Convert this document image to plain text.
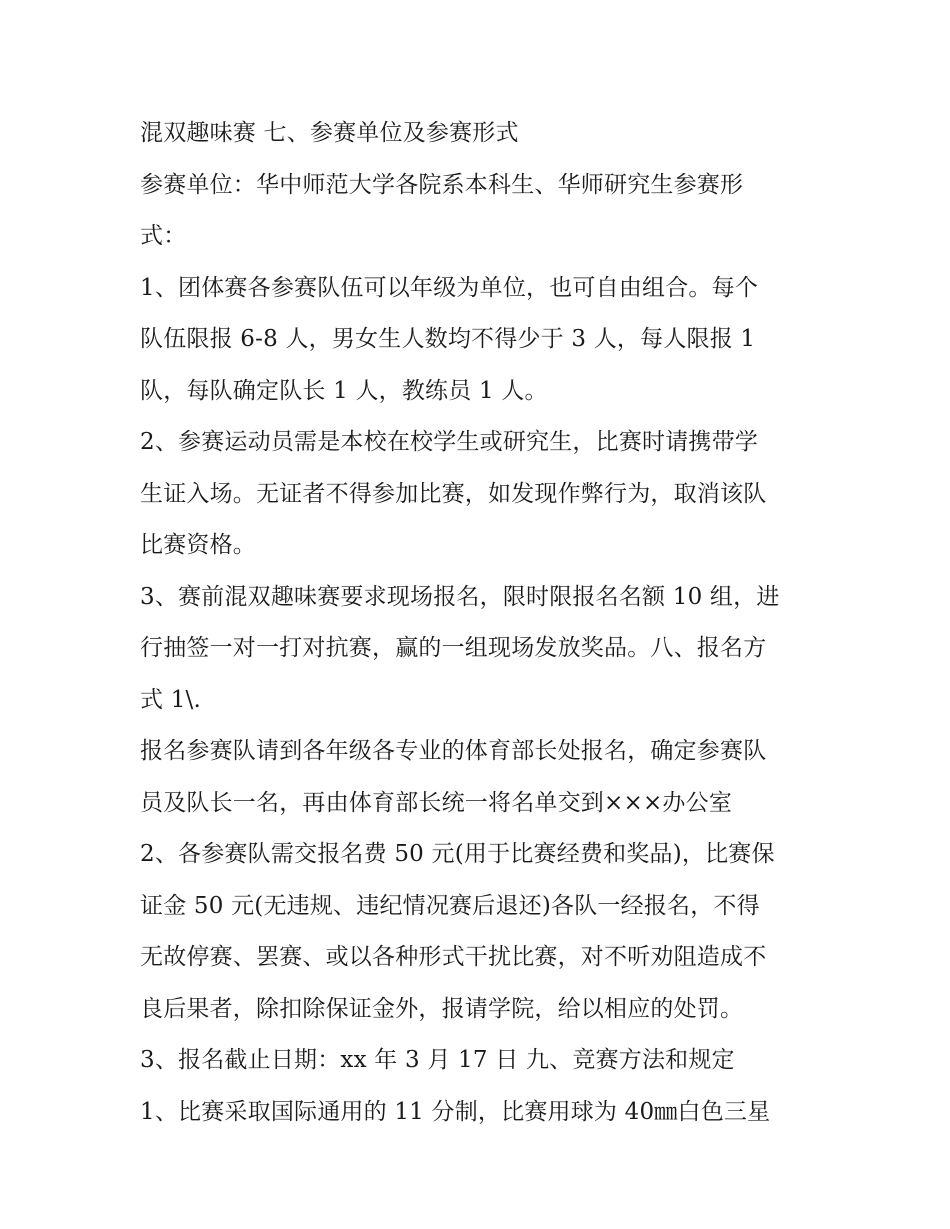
混双趣味赛 七、参赛单位及参赛形式
参赛单位：华中师范大学各院系本科生、华师研究生参赛形
式：
1、团体赛各参赛队伍可以年级为单位，也可自由组合。每个
队伍限报 6-8 人，男女生人数均不得少于 3 人，每人限报 1
队，每队确定队长 1 人，教练员 1 人。
2、参赛运动员需是本校在校学生或研究生，比赛时请携带学
生证入场。无证者不得参加比赛，如发现作弊行为，取消该队
比赛资格。
3、赛前混双趣味赛要求现场报名，限时限报名名额 10 组，进
行抽签一对一打对抗赛，赢的一组现场发放奖品。八、报名方
式 1\.
报名参赛队请到各年级各专业的体育部长处报名，确定参赛队
员及队长一名，再由体育部长统一将名单交到×××办公室
2、各参赛队需交报名费 50 元(用于比赛经费和奖品)，比赛保
证金 50 元(无违规、违纪情况赛后退还)各队一经报名，不得
无故停赛、罢赛、或以各种形式干扰比赛，对不听劝阻造成不
良后果者，除扣除保证金外，报请学院，给以相应的处罚。
3、报名截止日期：xx 年 3 月 17 日 九、竞赛方法和规定
1、比赛采取国际通用的 11 分制，比赛用球为 40㎜白色三星
